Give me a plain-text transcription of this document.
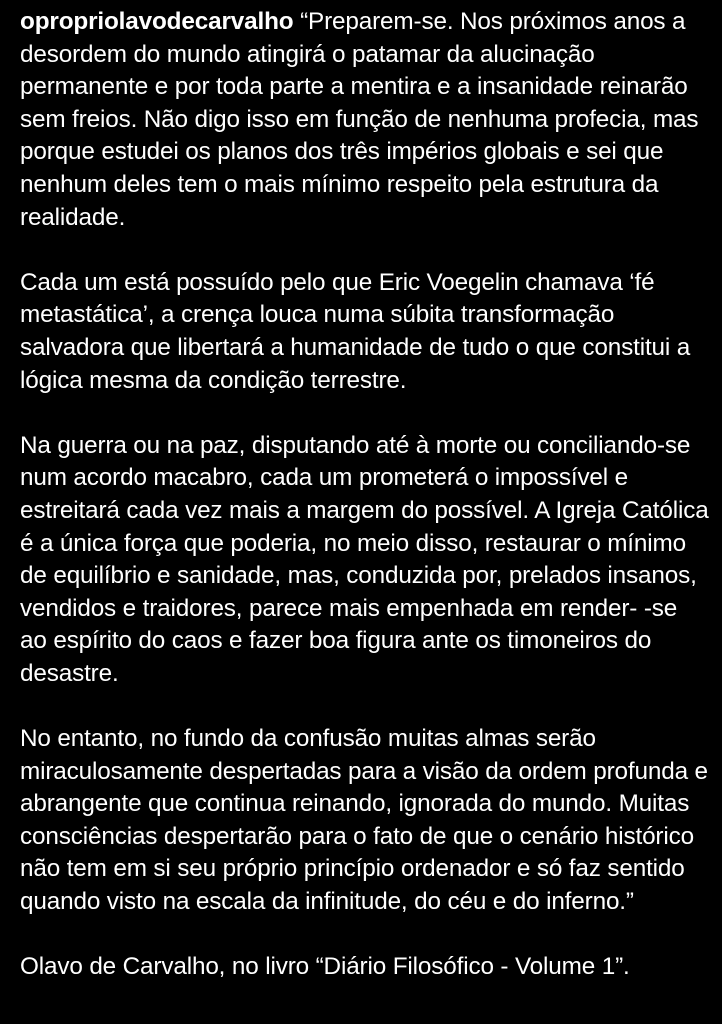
opropriolavodecarvalho “Preparem-se. Nos próximos anos a desordem do mundo atingirá o patamar da alucinação permanente e por toda parte a mentira e a insanidade reinarão sem freios. Não digo isso em função de nenhuma profecia, mas porque estudei os planos dos três impérios globais e sei que nenhum deles tem o mais mínimo respeito pela estrutura da realidade.

Cada um está possuído pelo que Eric Voegelin chamava ‘fé metastática’, a crença louca numa súbita transformação salvadora que libertará a humanidade de tudo o que constitui a lógica mesma da condição terrestre.

Na guerra ou na paz, disputando até à morte ou conciliando-se num acordo macabro, cada um prometerá o impossível e estreitará cada vez mais a margem do possível. A Igreja Católica é a única força que poderia, no meio disso, restaurar o mínimo de equilíbrio e sanidade, mas, conduzida por, prelados insanos, vendidos e traidores, parece mais empenhada em render- -se ao espírito do caos e fazer boa figura ante os timoneiros do desastre.

No entanto, no fundo da confusão muitas almas serão miraculosamente despertadas para a visão da ordem profunda e abrangente que continua reinando, ignorada do mundo. Muitas consciências despertarão para o fato de que o cenário histórico não tem em si seu próprio princípio ordenador e só faz sentido quando visto na escala da infinitude, do céu e do inferno.”

Olavo de Carvalho, no livro “Diário Filosófico - Volume 1”.
